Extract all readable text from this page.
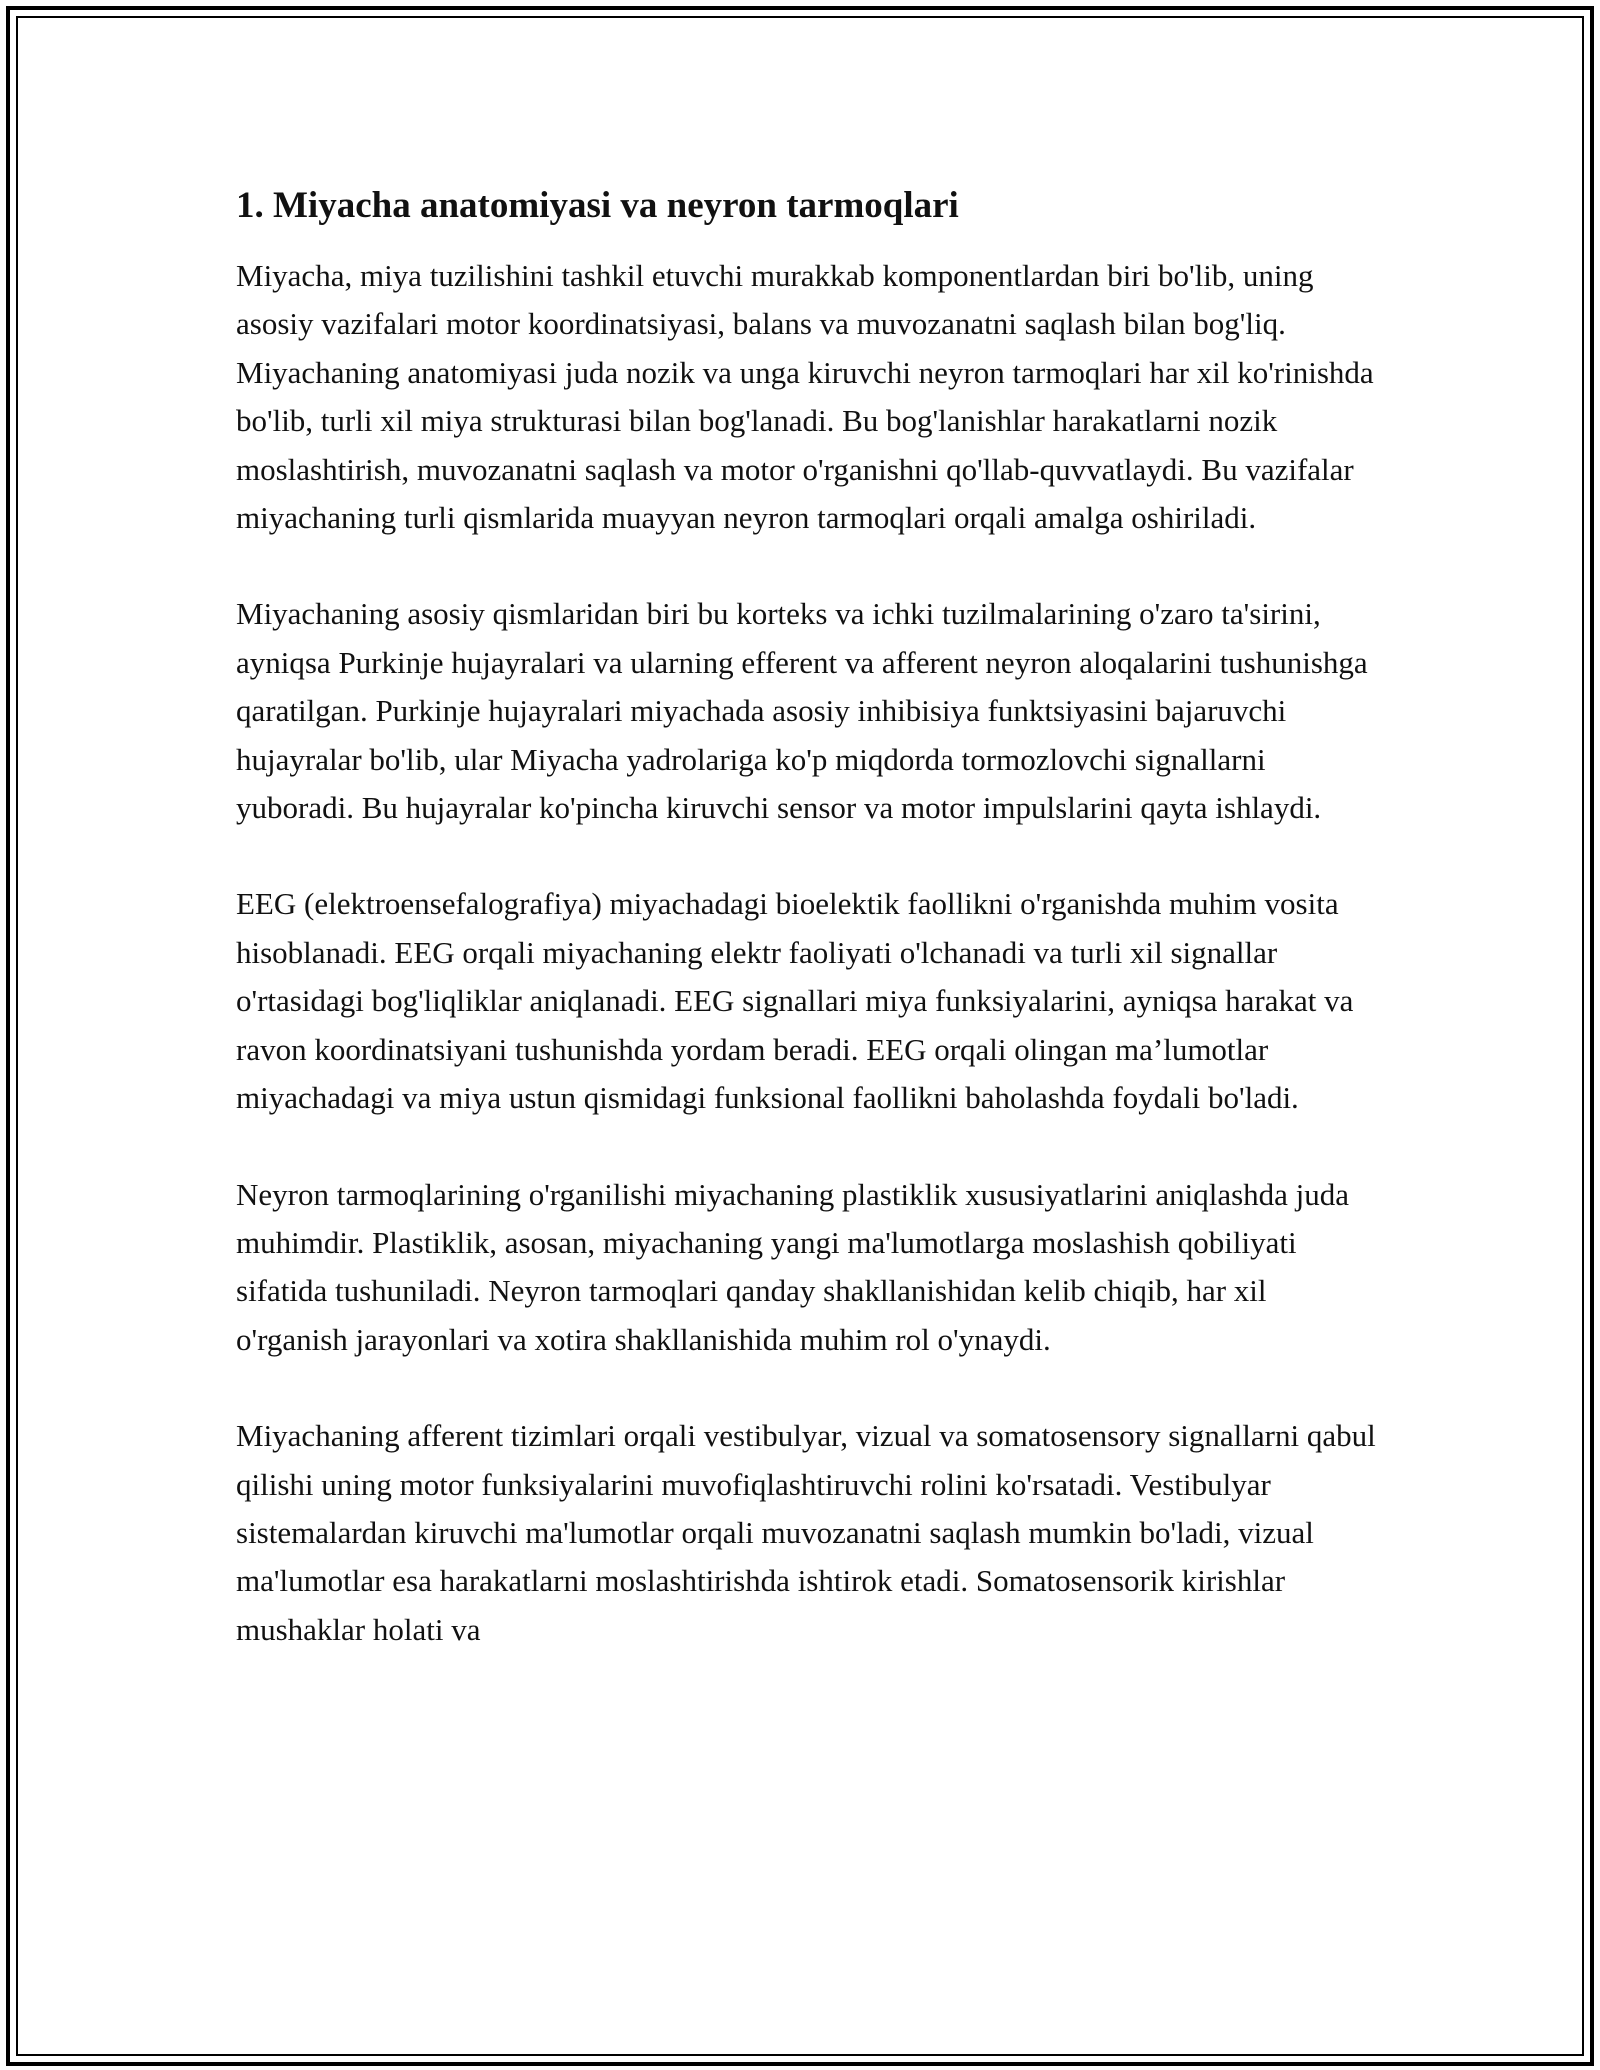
1. Miyacha anatomiyasi va neyron tarmoqlari

Miyacha, miya tuzilishini tashkil etuvchi murakkab komponentlardan biri bo'lib, uning asosiy vazifalari motor koordinatsiyasi, balans va muvozanatni saqlash bilan bog'liq. Miyachaning anatomiyasi juda nozik va unga kiruvchi neyron tarmoqlari har xil ko'rinishda bo'lib, turli xil miya strukturasi bilan bog'lanadi. Bu bog'lanishlar harakatlarni nozik moslashtirish, muvozanatni saqlash va motor o'rganishni qo'llab-quvvatlaydi. Bu vazifalar miyachaning turli qismlarida muayyan neyron tarmoqlari orqali amalga oshiriladi.

Miyachaning asosiy qismlaridan biri bu korteks va ichki tuzilmalarining o'zaro ta'sirini, ayniqsa Purkinje hujayralari va ularning efferent va afferent neyron aloqalarini tushunishga qaratilgan. Purkinje hujayralari miyachada asosiy inhibisiya funktsiyasini bajaruvchi hujayralar bo'lib, ular Miyacha yadrolariga ko'p miqdorda tormozlovchi signallarni yuboradi. Bu hujayralar ko'pincha kiruvchi sensor va motor impulslarini qayta ishlaydi.

EEG (elektroensefalografiya) miyachadagi bioelektik faollikni o'rganishda muhim vosita hisoblanadi. EEG orqali miyachaning elektr faoliyati o'lchanadi va turli xil signallar o'rtasidagi bog'liqliklar aniqlanadi. EEG signallari miya funksiyalarini, ayniqsa harakat va ravon koordinatsiyani tushunishda yordam beradi. EEG orqali olingan ma’lumotlar miyachadagi va miya ustun qismidagi funksional faollikni baholashda foydali bo'ladi.

Neyron tarmoqlarining o'rganilishi miyachaning plastiklik xususiyatlarini aniqlashda juda muhimdir. Plastiklik, asosan, miyachaning yangi ma'lumotlarga moslashish qobiliyati sifatida tushuniladi. Neyron tarmoqlari qanday shakllanishidan kelib chiqib, har xil o'rganish jarayonlari va xotira shakllanishida muhim rol o'ynaydi.

Miyachaning afferent tizimlari orqali vestibulyar, vizual va somatosensory signallarni qabul qilishi uning motor funksiyalarini muvofiqlashtiruvchi rolini ko'rsatadi. Vestibulyar sistemalardan kiruvchi ma'lumotlar orqali muvozanatni saqlash mumkin bo'ladi, vizual ma'lumotlar esa harakatlarni moslashtirishda ishtirok etadi. Somatosensorik kirishlar mushaklar holati va
